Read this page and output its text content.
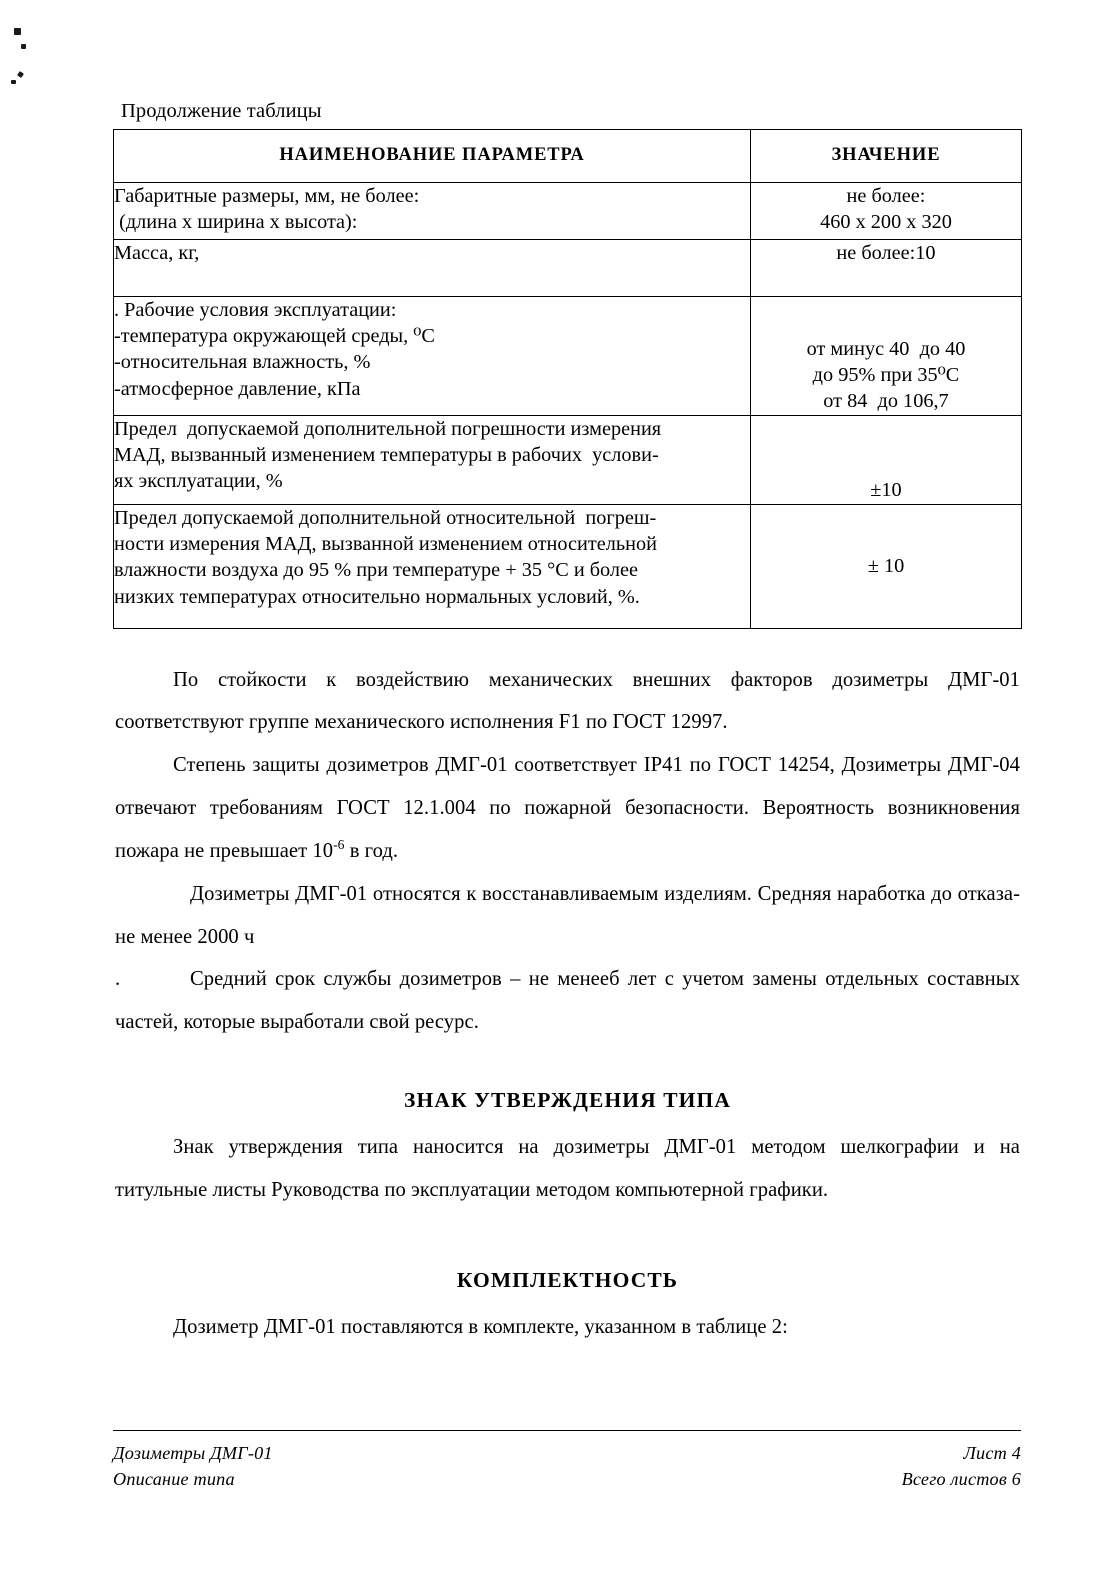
Продолжение таблицы

НАИМЕНОВАНИЕ ПАРАМЕТРА	ЗНАЧЕНИЕ

Габаритные размеры, мм, не более:
(длина х ширина х высота):	не более:
460 х 200 х 320

Масса, кг,	не более:10

. Рабочие условия эксплуатации:
-температура окружающей среды, ⁰С
-относительная влажность, %
-атмосферное давление, кПа	от минус 40  до 40
до 95% при 35⁰С
от 84  до 106,7

Предел  допускаемой дополнительной погрешности измерения
МАД, вызванный изменением температуры в рабочих  услови-
ях эксплуатации, %	±10

Предел допускаемой дополнительной относительной  погреш-
ности измерения МАД, вызванной изменением относительной
влажности воздуха до 95 % при температуре + 35 °С и более
низких температурах относительно нормальных условий, %.	± 10

По стойкости к воздействию механических внешних факторов дозиметры ДМГ-01 соответствуют группе механического исполнения F1 по ГОСТ 12997.

Степень защиты дозиметров ДМГ-01 соответствует IP41 по ГОСТ 14254, Дозиметры ДМГ-04 отвечают требованиям ГОСТ 12.1.004 по пожарной безопасности. Вероятность возникновения пожара не превышает $10^{-6}$ в год.

Дозиметры ДМГ-01 относятся к восстанавливаемым изделиям. Средняя наработка до отказа- не менее 2000 ч

.	Средний срок службы дозиметров – не менееб лет с учетом замены отдельных составных частей, которые выработали свой ресурс.

ЗНАК УТВЕРЖДЕНИЯ ТИПА

Знак утверждения типа наносится на дозиметры ДМГ-01 методом шелкографии и на титульные листы Руководства по эксплуатации методом компьютерной графики.

КОМПЛЕКТНОСТЬ

Дозиметр ДМГ-01 поставляются в комплекте, указанном в таблице 2:

Дозиметры ДМГ-01	Лист 4
Описание типа	Всего листов 6
